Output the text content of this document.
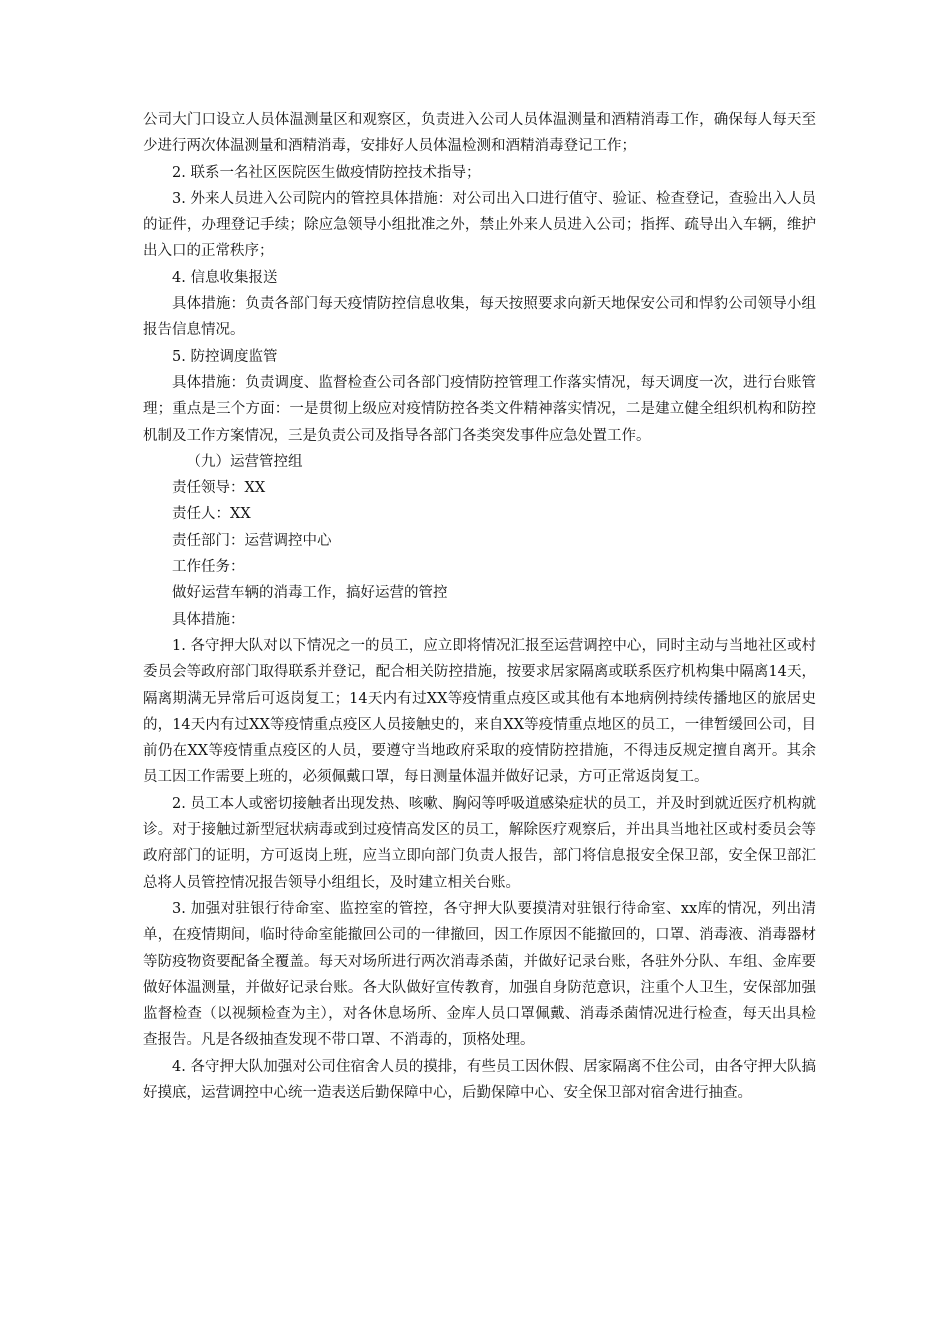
公司大门口设立人员体温测量区和观察区，负责进入公司人员体温测量和酒精消毒工作，确保每人每天至少进行两次体温测量和酒精消毒，安排好人员体温检测和酒精消毒登记工作；

2. 联系一名社区医院医生做疫情防控技术指导；

3. 外来人员进入公司院内的管控具体措施：对公司出入口进行值守、验证、检查登记，查验出入人员的证件，办理登记手续；除应急领导小组批准之外，禁止外来人员进入公司；指挥、疏导出入车辆，维护出入口的正常秩序；

4. 信息收集报送

具体措施：负责各部门每天疫情防控信息收集，每天按照要求向新天地保安公司和悍豹公司领导小组报告信息情况。

5. 防控调度监管

具体措施：负责调度、监督检查公司各部门疫情防控管理工作落实情况，每天调度一次，进行台账管理；重点是三个方面：一是贯彻上级应对疫情防控各类文件精神落实情况，二是建立健全组织机构和防控机制及工作方案情况，三是负责公司及指导各部门各类突发事件应急处置工作。

（九）运营管控组

责任领导：XX

责任人：XX

责任部门：运营调控中心

工作任务：

做好运营车辆的消毒工作，搞好运营的管控

具体措施：

1. 各守押大队对以下情况之一的员工，应立即将情况汇报至运营调控中心，同时主动与当地社区或村委员会等政府部门取得联系并登记，配合相关防控措施，按要求居家隔离或联系医疗机构集中隔离14天，隔离期满无异常后可返岗复工；14天内有过XX等疫情重点疫区或其他有本地病例持续传播地区的旅居史的，14天内有过XX等疫情重点疫区人员接触史的，来自XX等疫情重点地区的员工，一律暂缓回公司，目前仍在XX等疫情重点疫区的人员，要遵守当地政府采取的疫情防控措施，不得违反规定擅自离开。其余员工因工作需要上班的，必须佩戴口罩，每日测量体温并做好记录，方可正常返岗复工。

2. 员工本人或密切接触者出现发热、咳嗽、胸闷等呼吸道感染症状的员工，并及时到就近医疗机构就诊。对于接触过新型冠状病毒或到过疫情高发区的员工，解除医疗观察后，并出具当地社区或村委员会等政府部门的证明，方可返岗上班，应当立即向部门负责人报告，部门将信息报安全保卫部，安全保卫部汇总将人员管控情况报告领导小组组长，及时建立相关台账。

3. 加强对驻银行待命室、监控室的管控，各守押大队要摸清对驻银行待命室、xx库的情况，列出清单，在疫情期间，临时待命室能撤回公司的一律撤回，因工作原因不能撤回的，口罩、消毒液、消毒器材等防疫物资要配备全覆盖。每天对场所进行两次消毒杀菌，并做好记录台账，各驻外分队、车组、金库要做好体温测量，并做好记录台账。各大队做好宣传教育，加强自身防范意识，注重个人卫生，安保部加强监督检查（以视频检查为主），对各休息场所、金库人员口罩佩戴、消毒杀菌情况进行检查，每天出具检查报告。凡是各级抽查发现不带口罩、不消毒的，顶格处理。

4. 各守押大队加强对公司住宿舍人员的摸排，有些员工因休假、居家隔离不住公司，由各守押大队搞好摸底，运营调控中心统一造表送后勤保障中心，后勤保障中心、安全保卫部对宿舍进行抽查。
